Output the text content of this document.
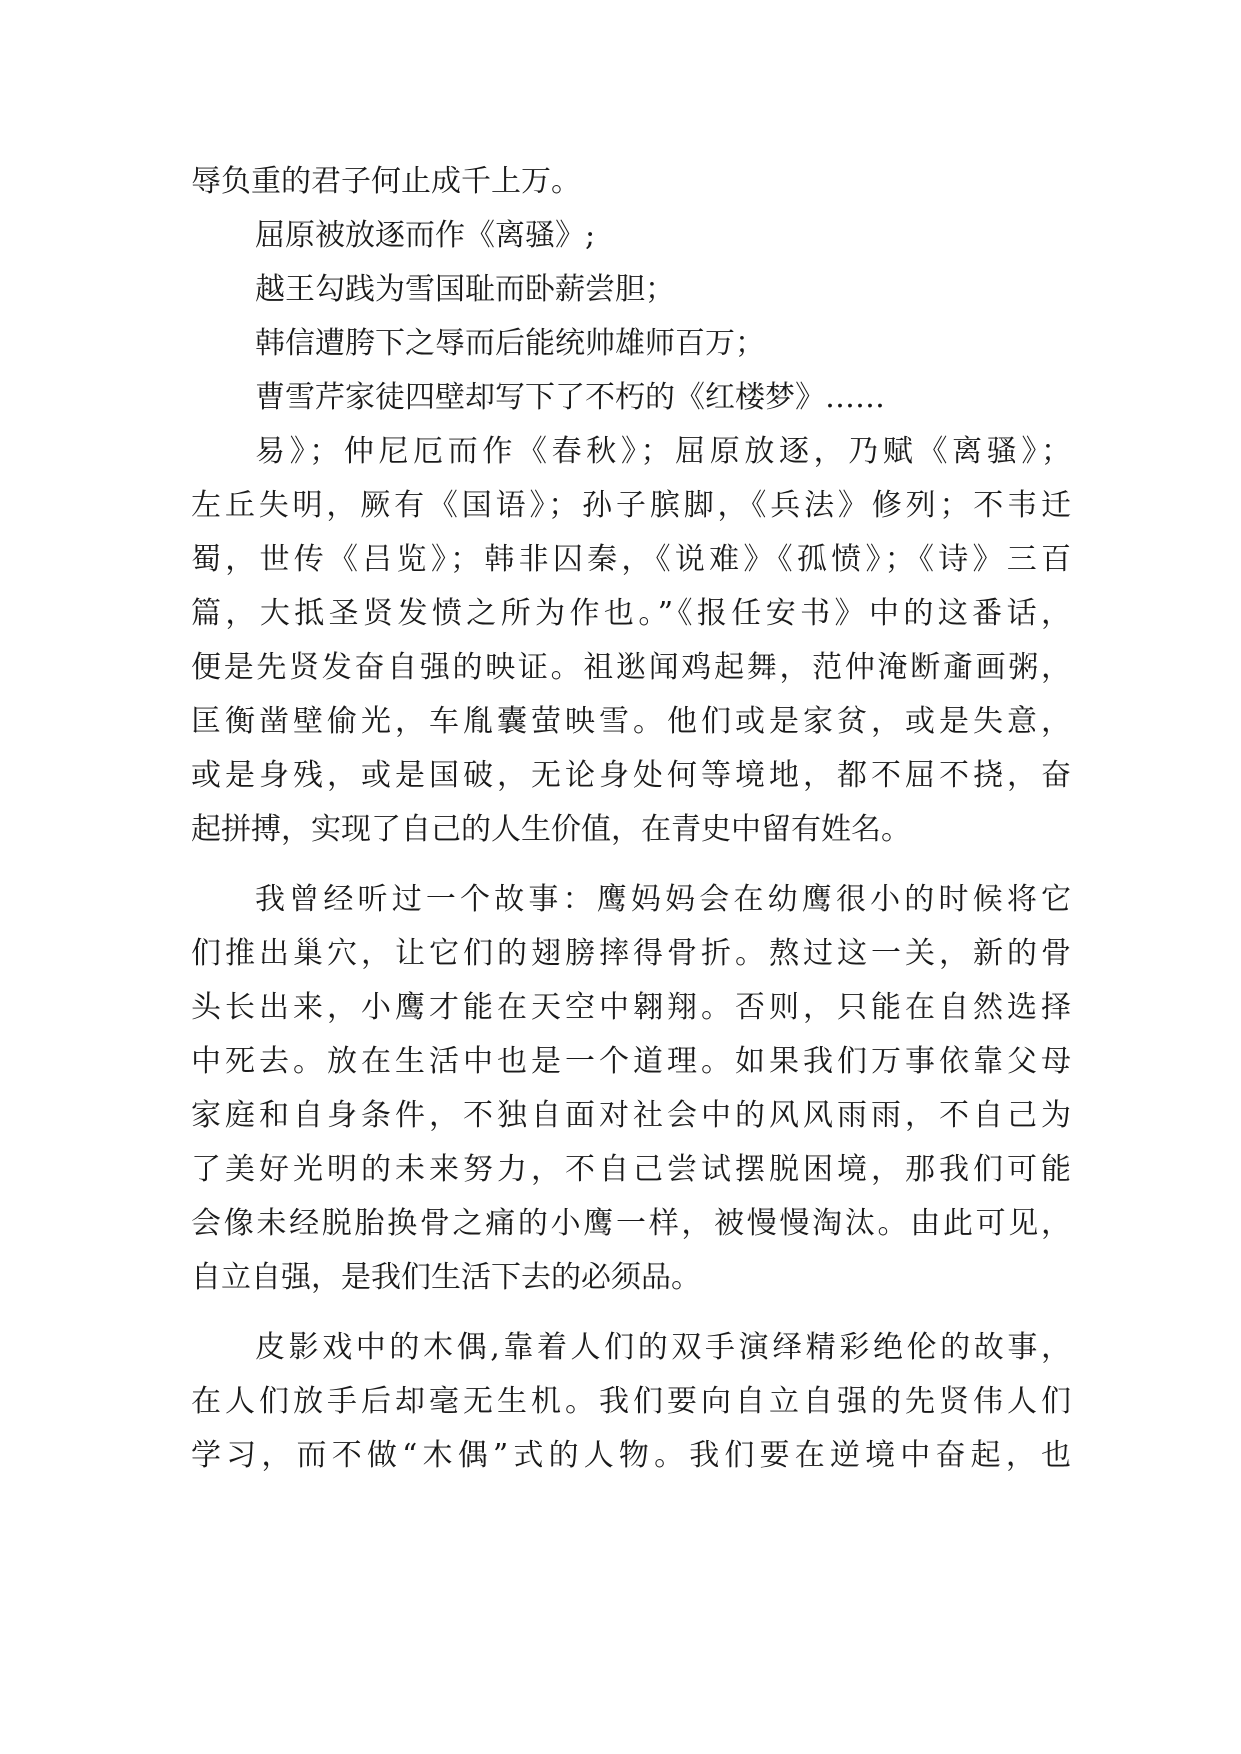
辱负重的君子何止成千上万。
屈原被放逐而作《离骚》;
越王勾践为雪国耻而卧薪尝胆；
韩信遭胯下之辱而后能统帅雄师百万；
曹雪芹家徒四壁却写下了不朽的《红楼梦》……
易》；仲尼厄而作《春秋》；屈原放逐，乃赋《离骚》；
左丘失明，厥有《国语》；孙子膑脚，《兵法》修列；不韦迁
蜀，世传《吕览》；韩非囚秦，《说难》《孤愤》；《诗》三百
篇，大抵圣贤发愤之所为作也。”《报任安书》中的这番话，
便是先贤发奋自强的映证。祖逖闻鸡起舞，范仲淹断齑画粥，
匡衡凿壁偷光，车胤囊萤映雪。他们或是家贫，或是失意，
或是身残，或是国破，无论身处何等境地，都不屈不挠，奋
起拼搏，实现了自己的人生价值，在青史中留有姓名。
我曾经听过一个故事：鹰妈妈会在幼鹰很小的时候将它
们推出巢穴，让它们的翅膀摔得骨折。熬过这一关，新的骨
头长出来，小鹰才能在天空中翱翔。否则，只能在自然选择
中死去。放在生活中也是一个道理。如果我们万事依靠父母
家庭和自身条件，不独自面对社会中的风风雨雨，不自己为
了美好光明的未来努力，不自己尝试摆脱困境，那我们可能
会像未经脱胎换骨之痛的小鹰一样，被慢慢淘汰。由此可见，
自立自强，是我们生活下去的必须品。
皮影戏中的木偶,靠着人们的双手演绎精彩绝伦的故事，
在人们放手后却毫无生机。我们要向自立自强的先贤伟人们
学习，而不做“木偶”式的人物。我们要在逆境中奋起，也
